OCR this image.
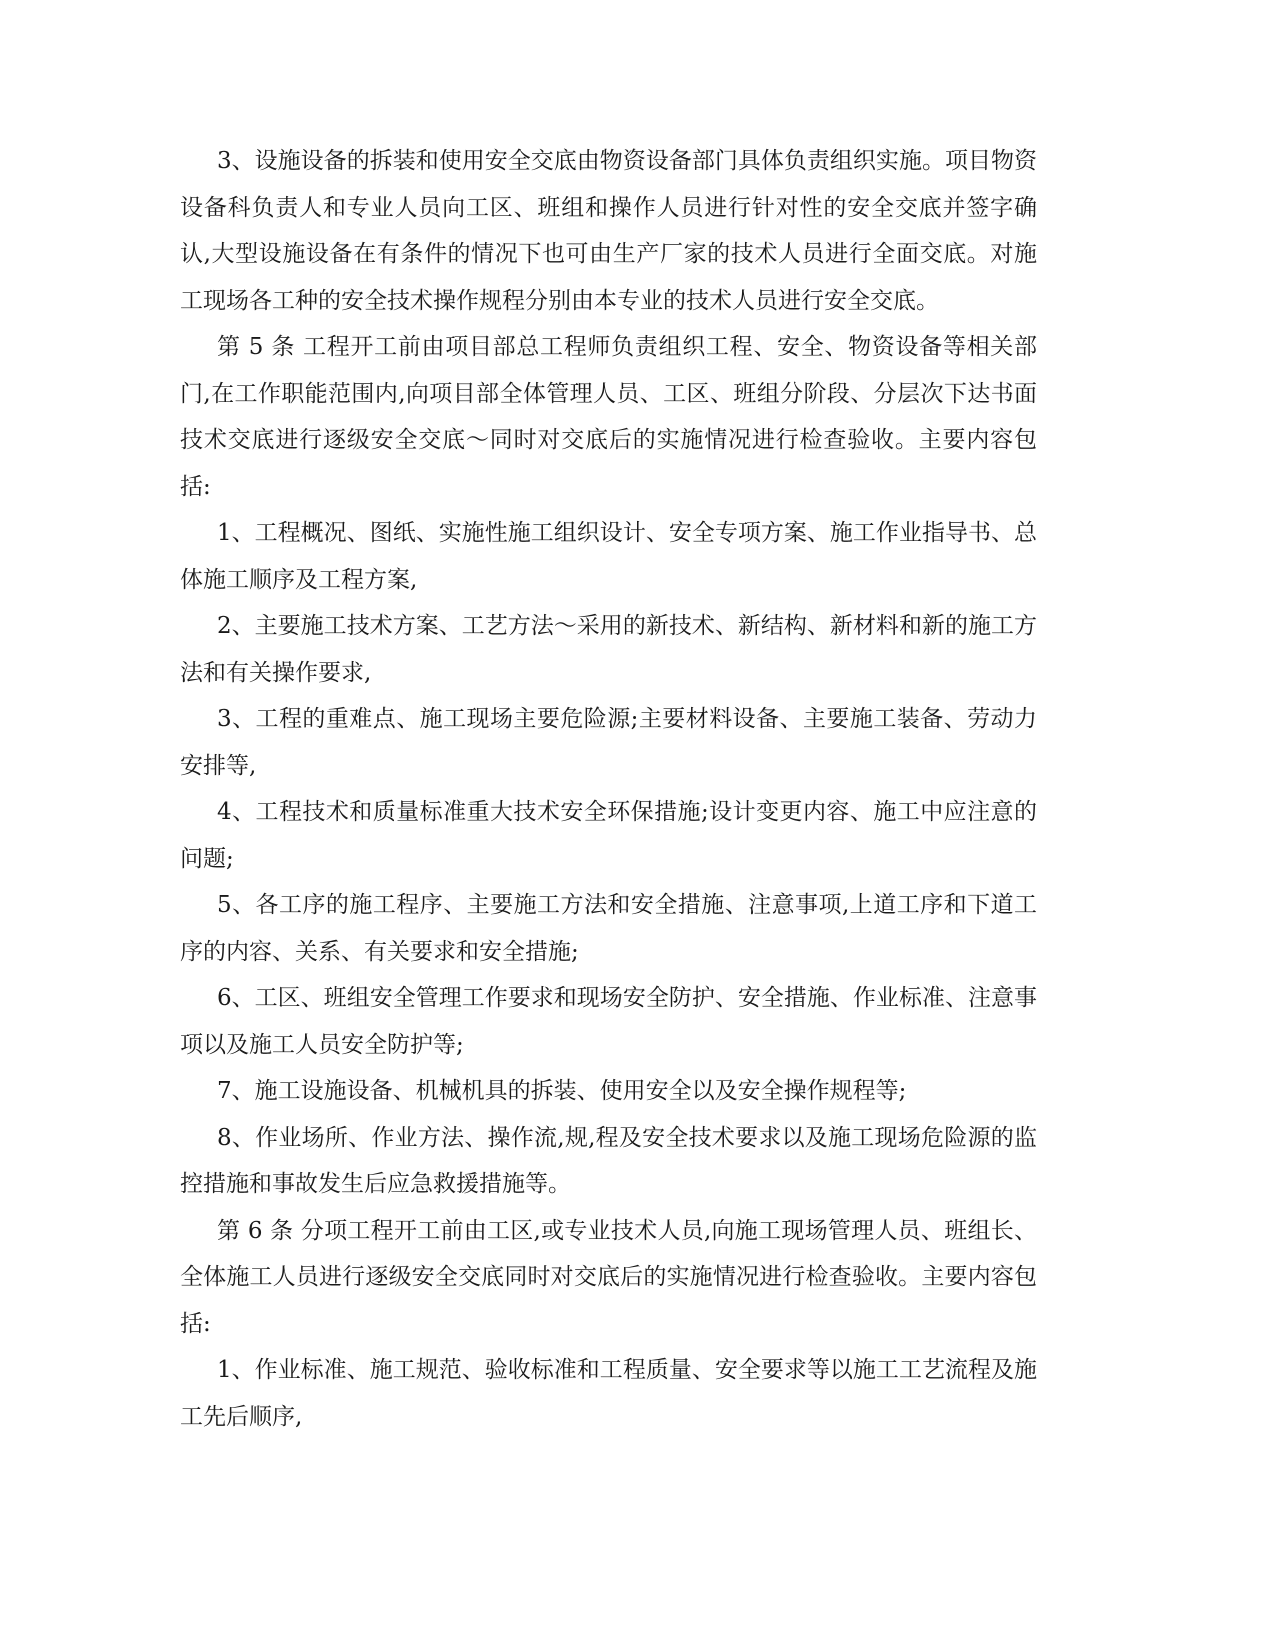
3、设施设备的拆装和使用安全交底由物资设备部门具体负责组织实施。项目物资设备科负责人和专业人员向工区、班组和操作人员进行针对性的安全交底并签字确认,大型设施设备在有条件的情况下也可由生产厂家的技术人员进行全面交底。对施工现场各工种的安全技术操作规程分别由本专业的技术人员进行安全交底。

第 5 条 工程开工前由项目部总工程师负责组织工程、安全、物资设备等相关部门,在工作职能范围内,向项目部全体管理人员、工区、班组分阶段、分层次下达书面技术交底进行逐级安全交底～同时对交底后的实施情况进行检查验收。主要内容包括:

1、工程概况、图纸、实施性施工组织设计、安全专项方案、施工作业指导书、总体施工顺序及工程方案,

2、主要施工技术方案、工艺方法～采用的新技术、新结构、新材料和新的施工方法和有关操作要求,

3、工程的重难点、施工现场主要危险源;主要材料设备、主要施工装备、劳动力安排等,

4、工程技术和质量标准重大技术安全环保措施;设计变更内容、施工中应注意的问题;

5、各工序的施工程序、主要施工方法和安全措施、注意事项,上道工序和下道工序的内容、关系、有关要求和安全措施;

6、工区、班组安全管理工作要求和现场安全防护、安全措施、作业标准、注意事项以及施工人员安全防护等;

7、施工设施设备、机械机具的拆装、使用安全以及安全操作规程等;

8、作业场所、作业方法、操作流,规,程及安全技术要求以及施工现场危险源的监控措施和事故发生后应急救援措施等。

第 6 条 分项工程开工前由工区,或专业技术人员,向施工现场管理人员、班组长、全体施工人员进行逐级安全交底同时对交底后的实施情况进行检查验收。主要内容包括:

1、作业标准、施工规范、验收标准和工程质量、安全要求等以施工工艺流程及施工先后顺序,
